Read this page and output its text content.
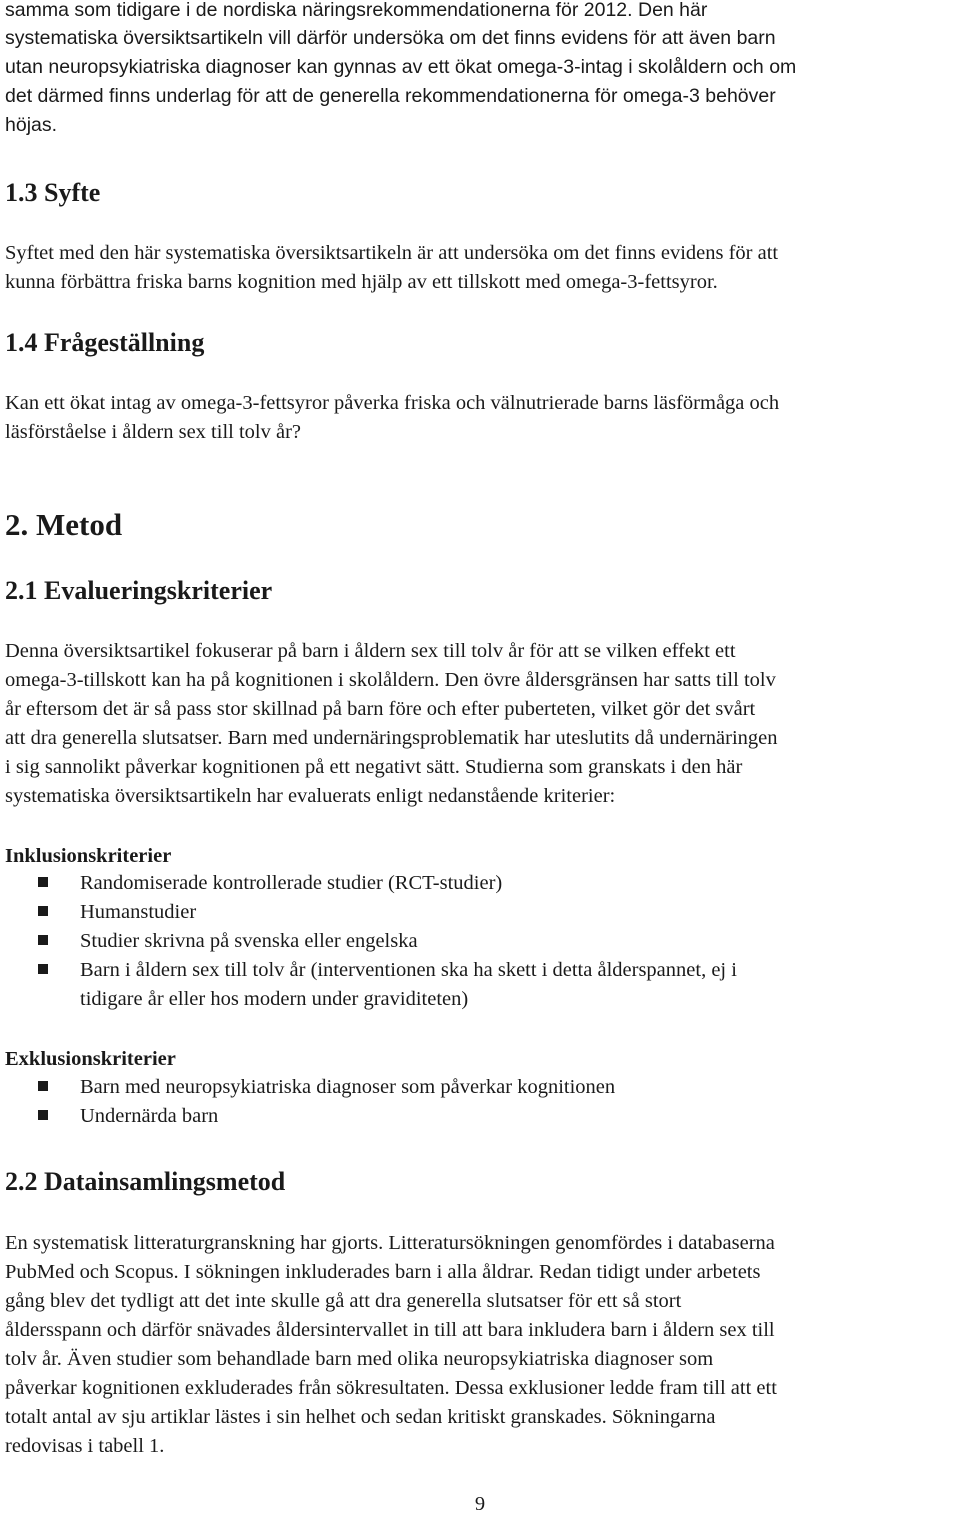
samma som tidigare i de nordiska näringsrekommendationerna för 2012. Den här
systematiska översiktsartikeln vill därför undersöka om det finns evidens för att även barn
utan neuropsykiatriska diagnoser kan gynnas av ett ökat omega-3-intag i skolåldern och om
det därmed finns underlag för att de generella rekommendationerna för omega-3 behöver
höjas.
1.3 Syfte
Syftet med den här systematiska översiktsartikeln är att undersöka om det finns evidens för att
kunna förbättra friska barns kognition med hjälp av ett tillskott med omega-3-fettsyror.
1.4 Frågeställning
Kan ett ökat intag av omega-3-fettsyror påverka friska och välnutrierade barns läsförmåga och
läsförståelse i åldern sex till tolv år?
2. Metod
2.1 Evalueringskriterier
Denna översiktsartikel fokuserar på barn i åldern sex till tolv år för att se vilken effekt ett
omega-3-tillskott kan ha på kognitionen i skolåldern. Den övre åldersgränsen har satts till tolv
år eftersom det är så pass stor skillnad på barn före och efter puberteten, vilket gör det svårt
att dra generella slutsatser. Barn med undernäringsproblematik har uteslutits då undernäringen
i sig sannolikt påverkar kognitionen på ett negativt sätt. Studierna som granskats i den här
systematiska översiktsartikeln har evaluerats enligt nedanstående kriterier:
Inklusionskriterier
Randomiserade kontrollerade studier (RCT-studier)
Humanstudier
Studier skrivna på svenska eller engelska
Barn i åldern sex till tolv år (interventionen ska ha skett i detta ålderspannet, ej i
tidigare år eller hos modern under graviditeten)
Exklusionskriterier
Barn med neuropsykiatriska diagnoser som påverkar kognitionen
Undernärda barn
2.2 Datainsamlingsmetod
En systematisk litteraturgranskning har gjorts. Litteratursökningen genomfördes i databaserna
PubMed och Scopus. I sökningen inkluderades barn i alla åldrar. Redan tidigt under arbetets
gång blev det tydligt att det inte skulle gå att dra generella slutsatser för ett så stort
åldersspann och därför snävades åldersintervallet in till att bara inkludera barn i åldern sex till
tolv år. Även studier som behandlade barn med olika neuropsykiatriska diagnoser som
påverkar kognitionen exkluderades från sökresultaten. Dessa exklusioner ledde fram till att ett
totalt antal av sju artiklar lästes i sin helhet och sedan kritiskt granskades. Sökningarna
redovisas i tabell 1.
9
